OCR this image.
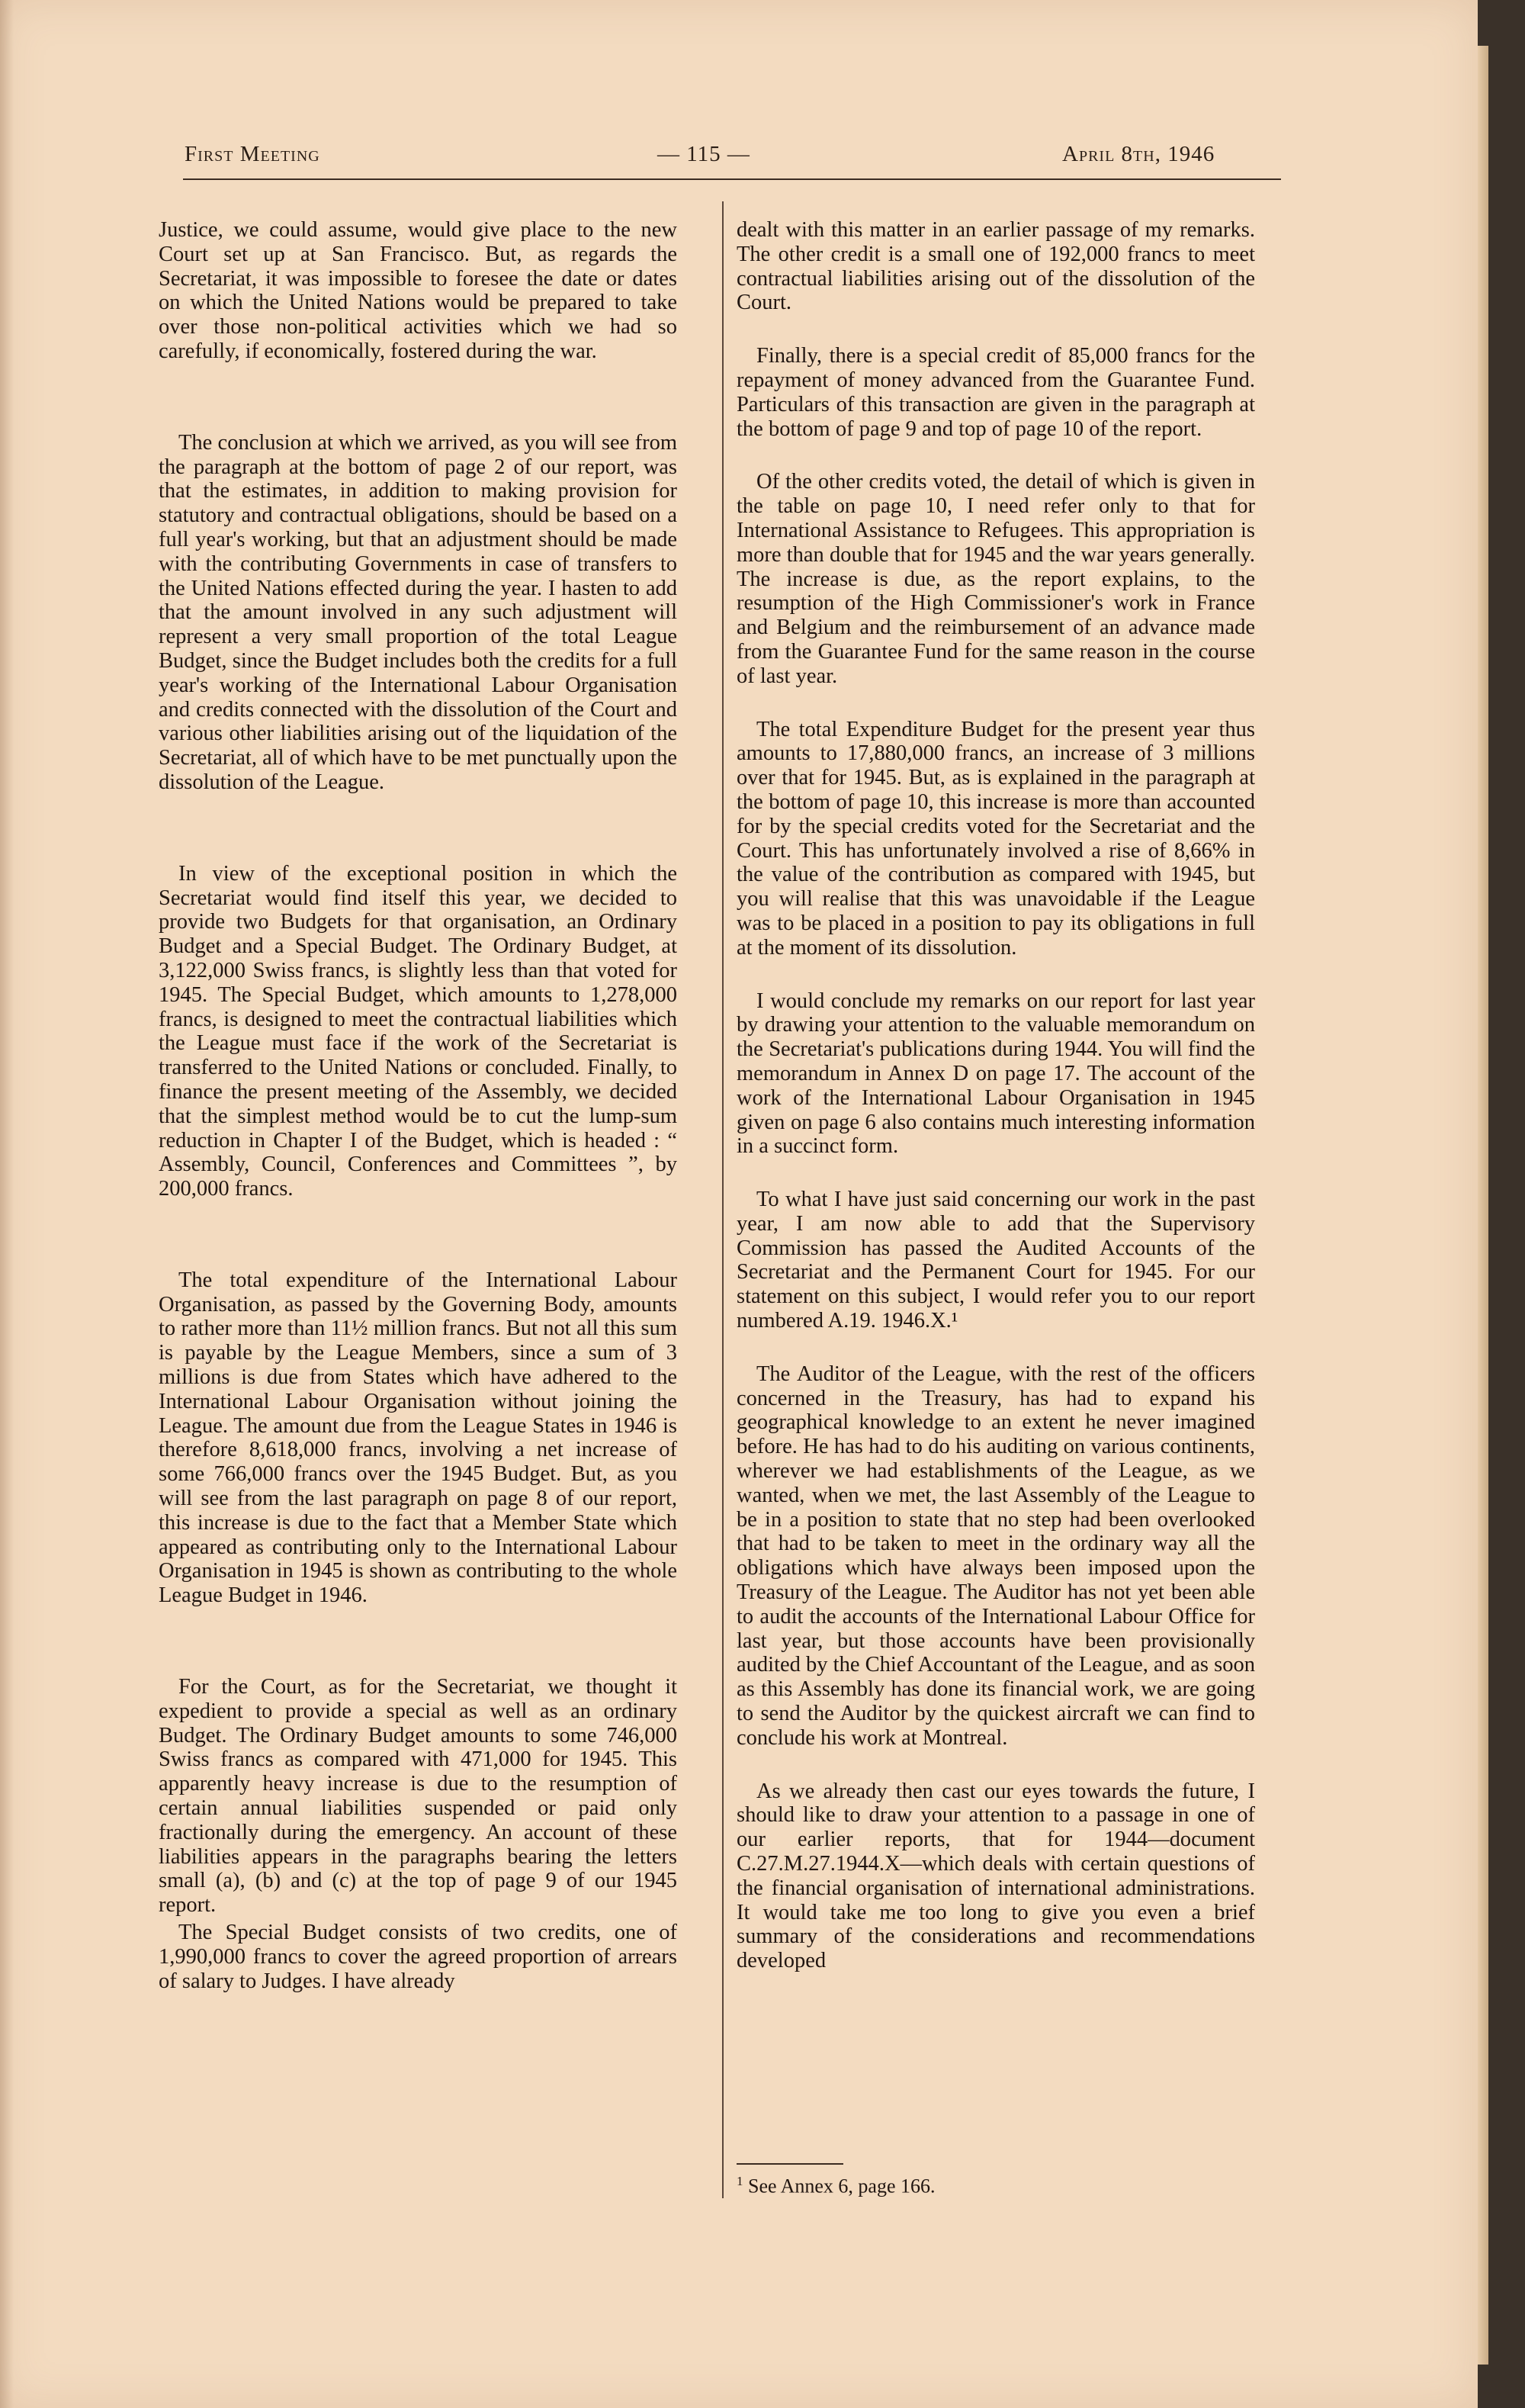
First Meeting	— 115 —	April 8th, 1946

Justice, we could assume, would give place to the new Court set up at San Francisco. But, as regards the Secretariat, it was impossible to foresee the date or dates on which the United Nations would be prepared to take over those non-political activities which we had so carefully, if economically, fostered during the war.

The conclusion at which we arrived, as you will see from the paragraph at the bottom of page 2 of our report, was that the estimates, in addition to making provision for statutory and contractual obligations, should be based on a full year's working, but that an adjustment should be made with the contributing Governments in case of transfers to the United Nations effected during the year. I hasten to add that the amount involved in any such adjustment will represent a very small proportion of the total League Budget, since the Budget includes both the credits for a full year's working of the International Labour Organisation and credits connected with the dissolution of the Court and various other liabilities arising out of the liquidation of the Secretariat, all of which have to be met punctually upon the dissolution of the League.

In view of the exceptional position in which the Secretariat would find itself this year, we decided to provide two Budgets for that organisation, an Ordinary Budget and a Special Budget. The Ordinary Budget, at 3,122,000 Swiss francs, is slightly less than that voted for 1945. The Special Budget, which amounts to 1,278,000 francs, is designed to meet the contractual liabilities which the League must face if the work of the Secretariat is transferred to the United Nations or concluded. Finally, to finance the present meeting of the Assembly, we decided that the simplest method would be to cut the lump-sum reduction in Chapter I of the Budget, which is headed : “ Assembly, Council, Conferences and Committees ”, by 200,000 francs.

The total expenditure of the International Labour Organisation, as passed by the Governing Body, amounts to rather more than 11½ million francs. But not all this sum is payable by the League Members, since a sum of 3 millions is due from States which have adhered to the International Labour Organisation without joining the League. The amount due from the League States in 1946 is therefore 8,618,000 francs, involving a net increase of some 766,000 francs over the 1945 Budget. But, as you will see from the last paragraph on page 8 of our report, this increase is due to the fact that a Member State which appeared as contributing only to the International Labour Organisation in 1945 is shown as contributing to the whole League Budget in 1946.

For the Court, as for the Secretariat, we thought it expedient to provide a special as well as an ordinary Budget. The Ordinary Budget amounts to some 746,000 Swiss francs as compared with 471,000 for 1945. This apparently heavy increase is due to the resumption of certain annual liabilities suspended or paid only fractionally during the emergency. An account of these liabilities appears in the paragraphs bearing the letters small (a), (b) and (c) at the top of page 9 of our 1945 report.

The Special Budget consists of two credits, one of 1,990,000 francs to cover the agreed proportion of arrears of salary to Judges. I have already

dealt with this matter in an earlier passage of my remarks. The other credit is a small one of 192,000 francs to meet contractual liabilities arising out of the dissolution of the Court.

Finally, there is a special credit of 85,000 francs for the repayment of money advanced from the Guarantee Fund. Particulars of this transaction are given in the paragraph at the bottom of page 9 and top of page 10 of the report.

Of the other credits voted, the detail of which is given in the table on page 10, I need refer only to that for International Assistance to Refugees. This appropriation is more than double that for 1945 and the war years generally. The increase is due, as the report explains, to the resumption of the High Commissioner's work in France and Belgium and the reimbursement of an advance made from the Guarantee Fund for the same reason in the course of last year.

The total Expenditure Budget for the present year thus amounts to 17,880,000 francs, an increase of 3 millions over that for 1945. But, as is explained in the paragraph at the bottom of page 10, this increase is more than accounted for by the special credits voted for the Secretariat and the Court. This has unfortunately involved a rise of 8,66% in the value of the contribution as compared with 1945, but you will realise that this was unavoidable if the League was to be placed in a position to pay its obligations in full at the moment of its dissolution.

I would conclude my remarks on our report for last year by drawing your attention to the valuable memorandum on the Secretariat's publications during 1944. You will find the memorandum in Annex D on page 17. The account of the work of the International Labour Organisation in 1945 given on page 6 also contains much interesting information in a succinct form.

To what I have just said concerning our work in the past year, I am now able to add that the Supervisory Commission has passed the Audited Accounts of the Secretariat and the Permanent Court for 1945. For our statement on this subject, I would refer you to our report numbered A.19. 1946.X.¹

The Auditor of the League, with the rest of the officers concerned in the Treasury, has had to expand his geographical knowledge to an extent he never imagined before. He has had to do his auditing on various continents, wherever we had establishments of the League, as we wanted, when we met, the last Assembly of the League to be in a position to state that no step had been overlooked that had to be taken to meet in the ordinary way all the obligations which have always been imposed upon the Treasury of the League. The Auditor has not yet been able to audit the accounts of the International Labour Office for last year, but those accounts have been provisionally audited by the Chief Accountant of the League, and as soon as this Assembly has done its financial work, we are going to send the Auditor by the quickest aircraft we can find to conclude his work at Montreal.

As we already then cast our eyes towards the future, I should like to draw your attention to a passage in one of our earlier reports, that for 1944—document C.27.M.27.1944.X—which deals with certain questions of the financial organisation of international administrations. It would take me too long to give you even a brief summary of the considerations and recommendations developed

$^1$ See Annex 6, page 166.
